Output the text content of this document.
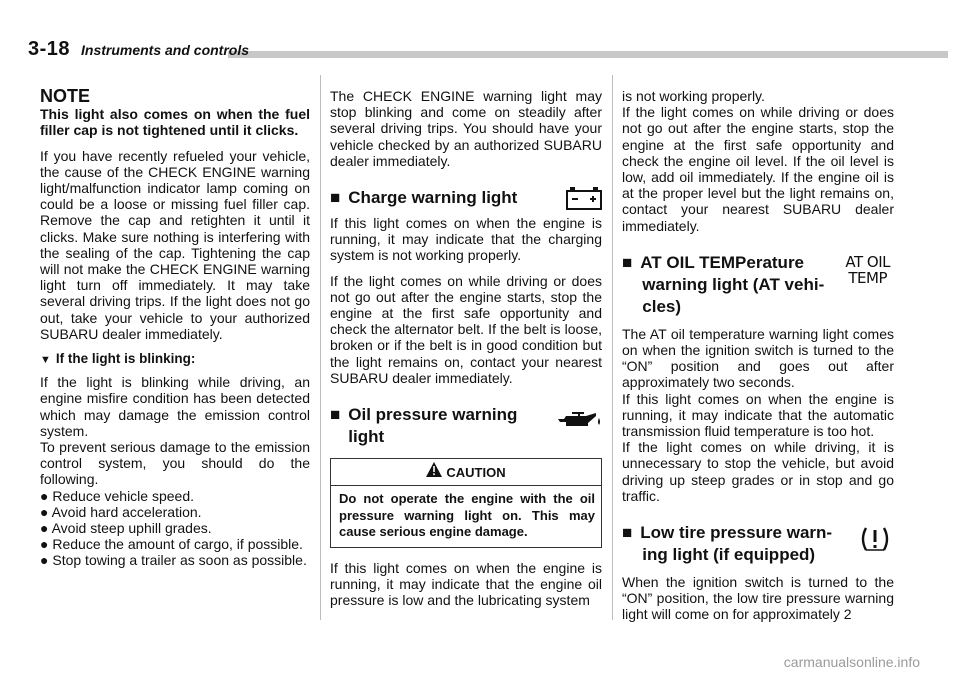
3-18 Instruments and controls

NOTE

This light also comes on when the fuel filler cap is not tightened until it clicks.

If you have recently refueled your vehicle, the cause of the CHECK ENGINE warning light/malfunction indicator lamp coming on could be a loose or missing fuel filler cap. Remove the cap and retighten it until it clicks. Make sure nothing is interfering with the sealing of the cap. Tightening the cap will not make the CHECK ENGINE warning light turn off immediately. It may take several driving trips. If the light does not go out, take your vehicle to your authorized SUBARU dealer immediately.

▼ If the light is blinking:

If the light is blinking while driving, an engine misfire condition has been detected which may damage the emission control system.

To prevent serious damage to the emission control system, you should do the following.

● Reduce vehicle speed.

● Avoid hard acceleration.

● Avoid steep uphill grades.

● Reduce the amount of cargo, if possible.

● Stop towing a trailer as soon as possible.

The CHECK ENGINE warning light may stop blinking and come on steadily after several driving trips. You should have your vehicle checked by an authorized SUBARU dealer immediately.

■ Charge warning light

If this light comes on when the engine is running, it may indicate that the charging system is not working properly.

If the light comes on while driving or does not go out after the engine starts, stop the engine at the first safe opportunity and check the alternator belt. If the belt is loose, broken or if the belt is in good condition but the light remains on, contact your nearest SUBARU dealer immediately.

■ Oil pressure warning
light
CAUTION
Do not operate the engine with the oil pressure warning light on. This may cause serious engine damage.

If this light comes on when the engine is running, it may indicate that the engine oil pressure is low and the lubricating system

is not working properly.

If the light comes on while driving or does not go out after the engine starts, stop the engine at the first safe opportunity and check the engine oil level. If the oil level is low, add oil immediately. If the engine oil is at the proper level but the light remains on, contact your nearest SUBARU dealer immediately.

■ AT OIL TEMPerature
warning light (AT vehi-
cles)
AT OIL
TEMP

The AT oil temperature warning light comes on when the ignition switch is turned to the “ON” position and goes out after approximately two seconds.

If this light comes on when the engine is running, it may indicate that the automatic transmission fluid temperature is too hot.

If the light comes on while driving, it is unnecessary to stop the vehicle, but avoid driving up steep grades or in stop and go traffic.

■ Low tire pressure warn-
ing light (if equipped)

When the ignition switch is turned to the “ON” position, the low tire pressure warning light will come on for approximately 2

carmanualsonline.info
